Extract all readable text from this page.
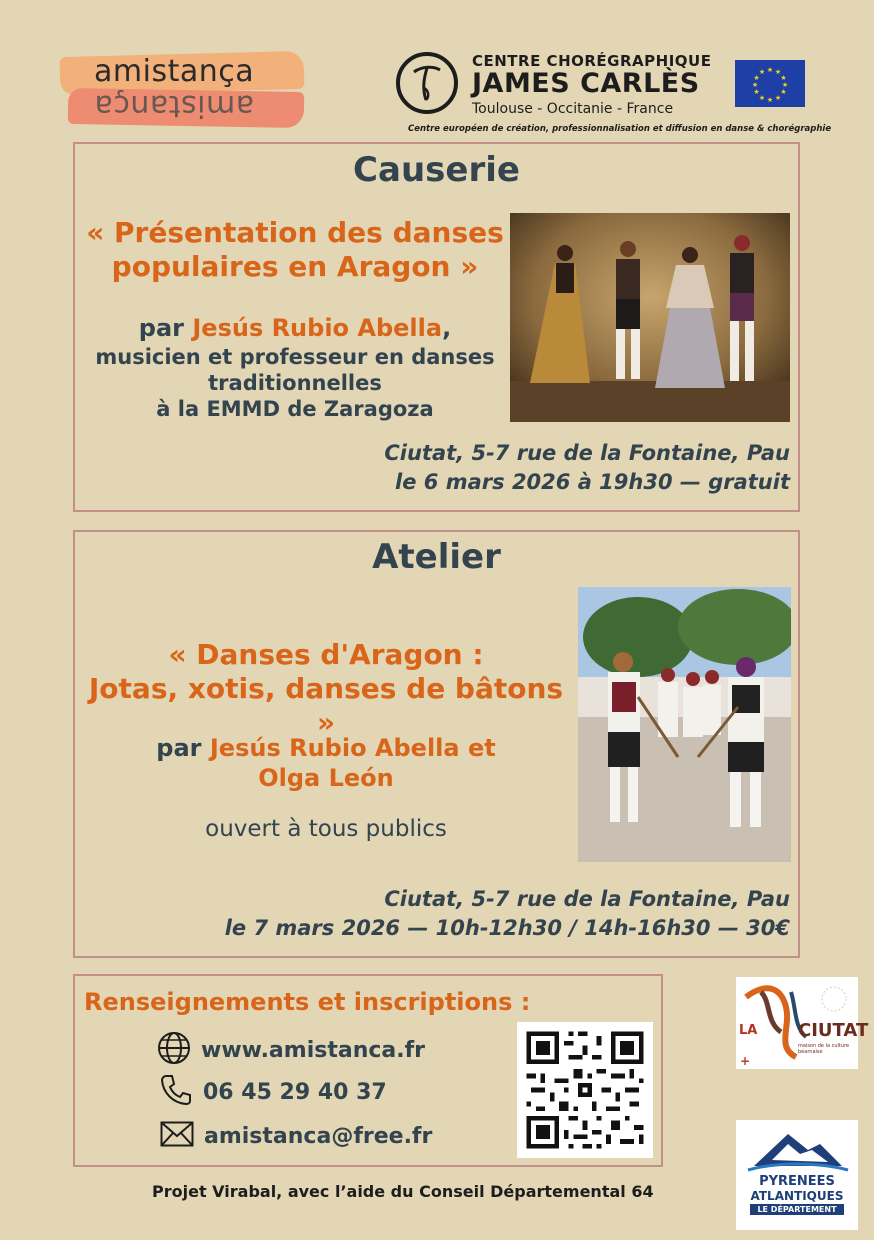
amistança
amistança
CENTRE CHORÉGRAPHIQUE
JAMES CARLÈS
Toulouse - Occitanie - France
Centre européen de création, professionnalisation et diffusion en danse & chorégraphie
★ ★
★
★
★
★
★
★
★
★
★
★
Causerie
« Présentation des danses
populaires en Aragon »
par Jesús Rubio Abella,
musicien et professeur en danses
traditionnelles
à la EMMD de Zaragoza
Ciutat, 5-7 rue de la Fontaine, Pau
le 6 mars 2026 à 19h30 — gratuit
Atelier
« Danses d'Aragon :
Jotas, xotis, danses de bâtons »
par Jesús Rubio Abella et
Olga León
ouvert à tous publics
Ciutat, 5-7 rue de la Fontaine, Pau
le 7 mars 2026 — 10h-12h30 / 14h-16h30 — 30€
Renseignements et inscriptions :
www.amistanca.fr
06 45 29 40 37
amistanca@free.fr
+
LA CIUTAT
maison de la culture béarnaise
PYRENEES
ATLANTIQUES
LE DÉPARTEMENT
Projet Virabal, avec l’aide du Conseil Départemental 64
